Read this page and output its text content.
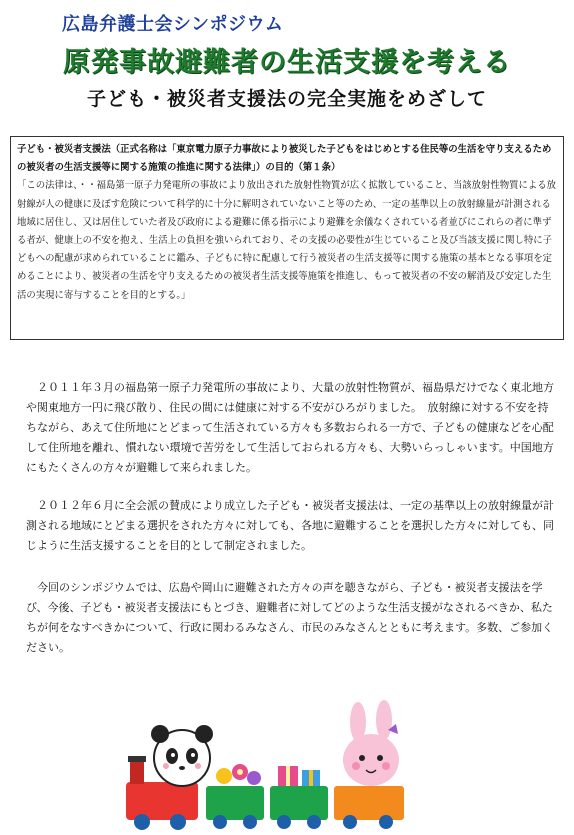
広島弁護士会シンポジウム
原発事故避難者の生活支援を考える
子ども・被災者支援法の完全実施をめざして
子ども・被災者支援法（正式名称は「東京電力原子力事故により被災した子どもをはじめとする住民等の生活を守り支えるための被災者の生活支援等に関する施策の推進に関する法律」）の目的（第１条）
「この法律は、・・福島第一原子力発電所の事故により放出された放射性物質が広く拡散していること、当該放射性物質による放射線が人の健康に及ぼす危険について科学的に十分に解明されていないこと等のため、一定の基準以上の放射線量が計測される地域に居住し、又は居住していた者及び政府による避難に係る指示により避難を余儀なくされている者並びにこれらの者に準ずる者が、健康上の不安を抱え、生活上の負担を強いられており、その支援の必要性が生じていること及び当該支援に関し特に子どもへの配慮が求められていることに鑑み、子どもに特に配慮して行う被災者の生活支援等に関する施策の基本となる事項を定めることにより、被災者の生活を守り支えるための被災者生活支援等施策を推進し、もって被災者の不安の解消及び安定した生活の実現に寄与することを目的とする。」
２０１１年３月の福島第一原子力発電所の事故により、大量の放射性物質が、福島県だけでなく東北地方や関東地方一円に飛び散り、住民の間には健康に対する不安がひろがりました。　放射線に対する不安を持ちながら、あえて住所地にとどまって生活されている方々も多数おられる一方で、子どもの健康などを心配して住所地を離れ、慣れない環境で苦労をして生活しておられる方々も、大勢いらっしゃいます。中国地方にもたくさんの方々が避難して来られました。
２０１２年６月に全会派の賛成により成立した子ども・被災者支援法は、一定の基準以上の放射線量が計測される地域にとどまる選択をされた方々に対しても、各地に避難することを選択した方々に対しても、同じように生活支援することを目的として制定されました。
今回のシンポジウムでは、広島や岡山に避難された方々の声を聴きながら、子ども・被災者支援法を学び、今後、子ども・被災者支援法にもとづき、避難者に対してどのような生活支援がなされるべきか、私たちが何をなすべきかについて、行政に関わるみなさん、市民のみなさんとともに考えます。多数、ご参加ください。
